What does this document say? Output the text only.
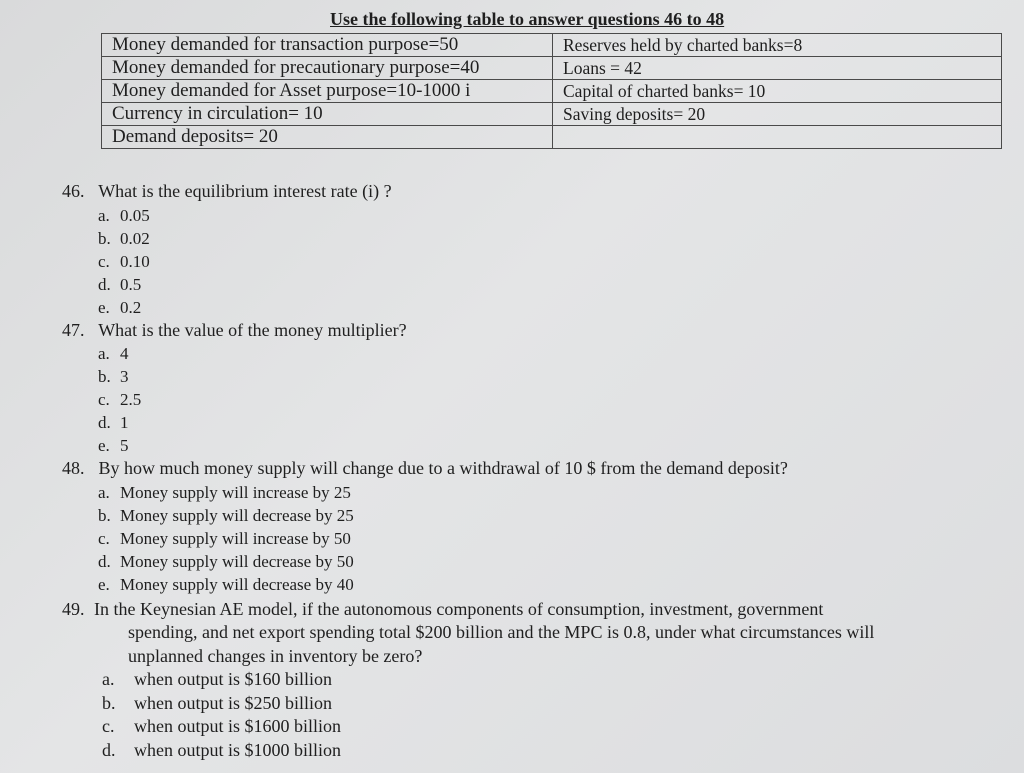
Use the following table to answer questions 46 to 48
Money demanded for transaction purpose=50	Reserves held by charted banks=8
Money demanded for precautionary purpose=40	Loans = 42
Money demanded for Asset purpose=10-1000 i	Capital of charted banks= 10
Currency in circulation= 10	Saving deposits= 20
Demand deposits= 20	
46. What is the equilibrium interest rate (i) ?
a. 0.05
b. 0.02
c. 0.10
d. 0.5
e. 0.2
47. What is the value of the money multiplier?
a. 4
b. 3
c. 2.5
d. 1
e. 5
48. By how much money supply will change due to a withdrawal of 10 $ from the demand deposit?
a. Money supply will increase by 25
b. Money supply will decrease by 25
c. Money supply will increase by 50
d. Money supply will decrease by 50
e. Money supply will decrease by 40
49. In the Keynesian AE model, if the autonomous components of consumption, investment, government
spending, and net export spending total $200 billion and the MPC is 0.8, under what circumstances will
unplanned changes in inventory be zero?
a. when output is $160 billion
b. when output is $250 billion
c. when output is $1600 billion
d. when output is $1000 billion
